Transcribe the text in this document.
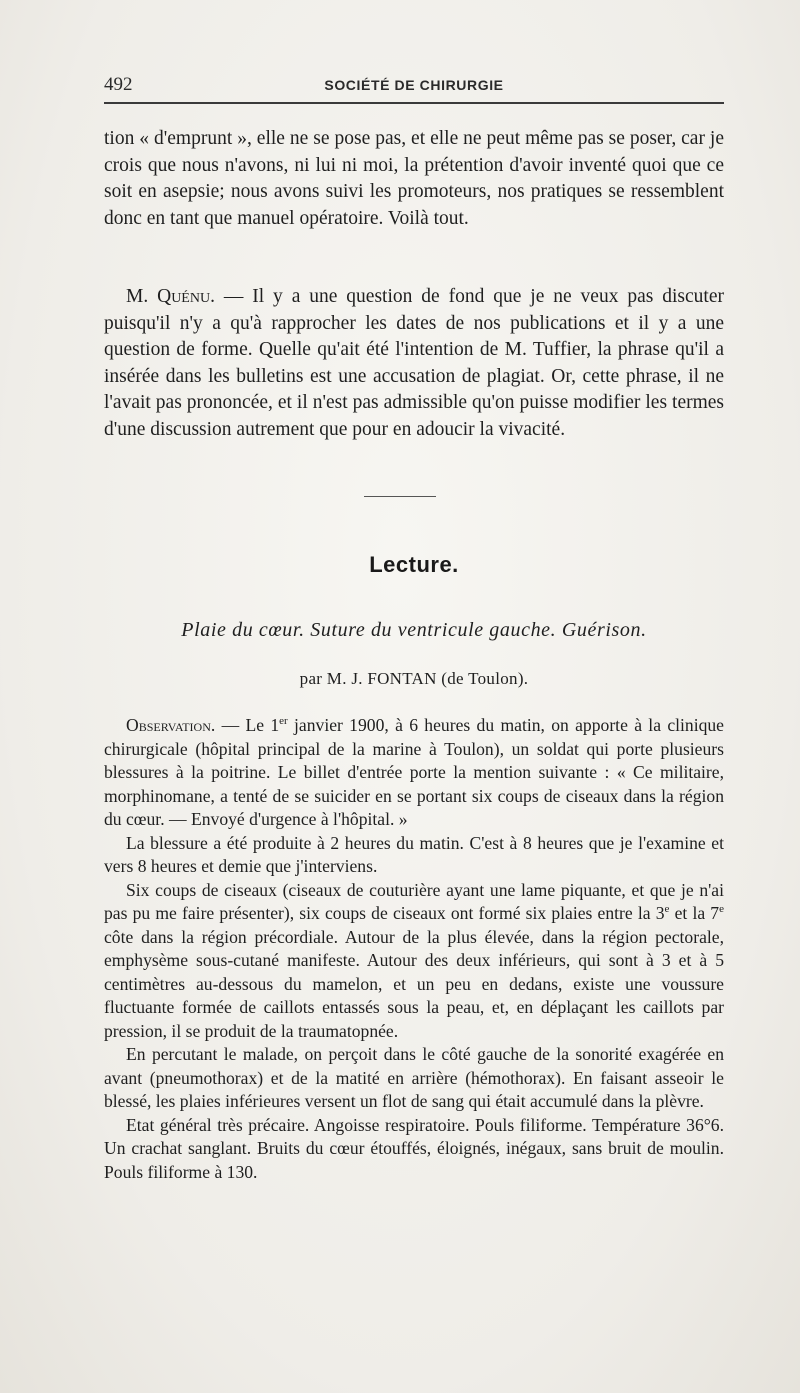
492	SOCIÉTÉ DE CHIRURGIE

tion « d'emprunt », elle ne se pose pas, et elle ne peut même pas se poser, car je crois que nous n'avons, ni lui ni moi, la prétention d'avoir inventé quoi que ce soit en asepsie; nous avons suivi les promoteurs, nos pratiques se ressemblent donc en tant que manuel opératoire. Voilà tout.

M. Quénu. — Il y a une question de fond que je ne veux pas discuter puisqu'il n'y a qu'à rapprocher les dates de nos publications et il y a une question de forme. Quelle qu'ait été l'intention de M. Tuffier, la phrase qu'il a insérée dans les bulletins est une accusation de plagiat. Or, cette phrase, il ne l'avait pas prononcée, et il n'est pas admissible qu'on puisse modifier les termes d'une discussion autrement que pour en adoucir la vivacité.

Lecture.
Plaie du cœur. Suture du ventricule gauche. Guérison.
par M. J. FONTAN (de Toulon).

Observation. — Le 1er janvier 1900, à 6 heures du matin, on apporte à la clinique chirurgicale (hôpital principal de la marine à Toulon), un soldat qui porte plusieurs blessures à la poitrine. Le billet d'entrée porte la mention suivante : « Ce militaire, morphinomane, a tenté de se suicider en se portant six coups de ciseaux dans la région du cœur. — Envoyé d'urgence à l'hôpital. »

La blessure a été produite à 2 heures du matin. C'est à 8 heures que je l'examine et vers 8 heures et demie que j'interviens.

Six coups de ciseaux (ciseaux de couturière ayant une lame piquante, et que je n'ai pas pu me faire présenter), six coups de ciseaux ont formé six plaies entre la 3e et la 7e côte dans la région précordiale. Autour de la plus élevée, dans la région pectorale, emphysème sous-cutané manifeste. Autour des deux inférieurs, qui sont à 3 et à 5 centimètres au-dessous du mamelon, et un peu en dedans, existe une voussure fluctuante formée de caillots entassés sous la peau, et, en déplaçant les caillots par pression, il se produit de la traumatopnée.

En percutant le malade, on perçoit dans le côté gauche de la sonorité exagérée en avant (pneumothorax) et de la matité en arrière (hémothorax). En faisant asseoir le blessé, les plaies inférieures versent un flot de sang qui était accumulé dans la plèvre.

Etat général très précaire. Angoisse respiratoire. Pouls filiforme. Température 36°6. Un crachat sanglant. Bruits du cœur étouffés, éloignés, inégaux, sans bruit de moulin. Pouls filiforme à 130.
